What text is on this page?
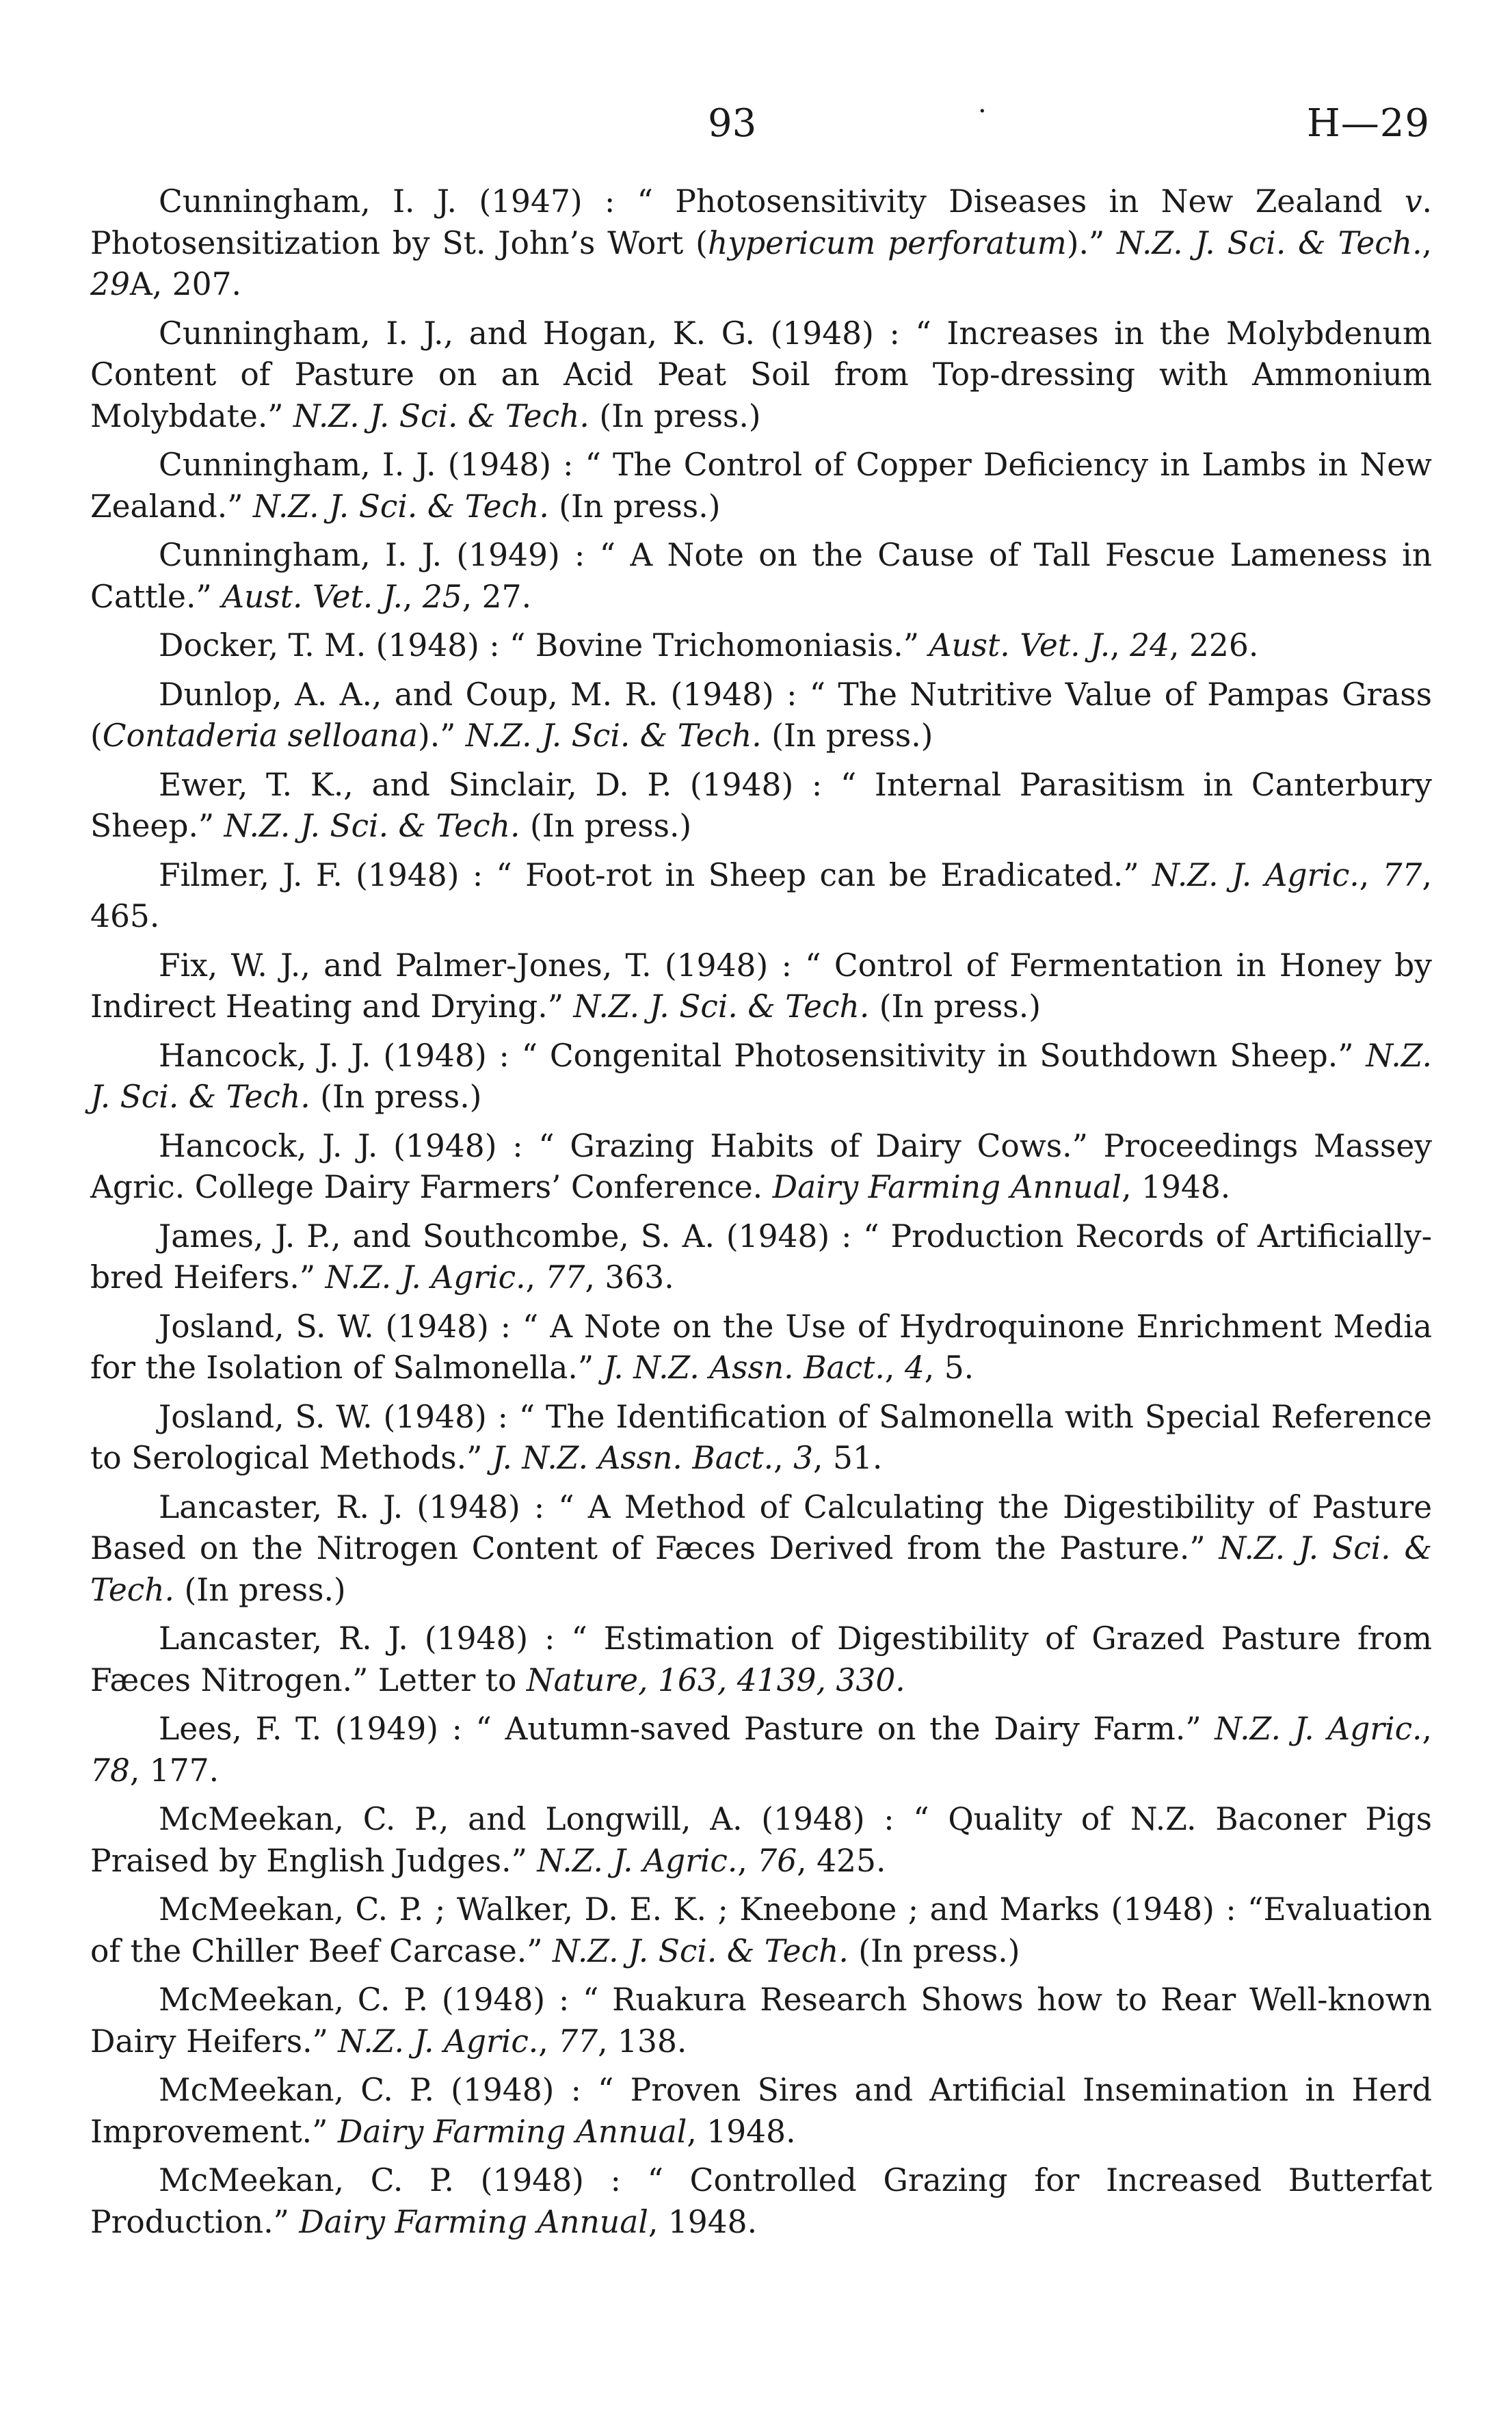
93	·	H—29

Cunningham, I. J. (1947) : “ Photosensitivity Diseases in New Zealand v. Photosensitization by St. John’s Wort (hypericum perforatum).” N.Z. J. Sci. & Tech., 29A, 207.

Cunningham, I. J., and Hogan, K. G. (1948) : “ Increases in the Molybdenum Content of Pasture on an Acid Peat Soil from Top-dressing with Ammonium Molybdate.” N.Z. J. Sci. & Tech. (In press.)

Cunningham, I. J. (1948) : “ The Control of Copper Deficiency in Lambs in New Zealand.” N.Z. J. Sci. & Tech. (In press.)

Cunningham, I. J. (1949) : “ A Note on the Cause of Tall Fescue Lameness in Cattle.” Aust. Vet. J., 25, 27.

Docker, T. M. (1948) : “ Bovine Trichomoniasis.” Aust. Vet. J., 24, 226.

Dunlop, A. A., and Coup, M. R. (1948) : “ The Nutritive Value of Pampas Grass (Contaderia selloana).” N.Z. J. Sci. & Tech. (In press.)

Ewer, T. K., and Sinclair, D. P. (1948) : “ Internal Parasitism in Canterbury Sheep.” N.Z. J. Sci. & Tech. (In press.)

Filmer, J. F. (1948) : “ Foot-rot in Sheep can be Eradicated.” N.Z. J. Agric., 77, 465.

Fix, W. J., and Palmer-Jones, T. (1948) : “ Control of Fermentation in Honey by Indirect Heating and Drying.” N.Z. J. Sci. & Tech. (In press.)

Hancock, J. J. (1948) : “ Congenital Photosensitivity in Southdown Sheep.” N.Z. J. Sci. & Tech. (In press.)

Hancock, J. J. (1948) : “ Grazing Habits of Dairy Cows.” Proceedings Massey Agric. College Dairy Farmers’ Conference. Dairy Farming Annual, 1948.

James, J. P., and Southcombe, S. A. (1948) : “ Production Records of Artificially-bred Heifers.” N.Z. J. Agric., 77, 363.

Josland, S. W. (1948) : “ A Note on the Use of Hydroquinone Enrichment Media for the Isolation of Salmonella.” J. N.Z. Assn. Bact., 4, 5.

Josland, S. W. (1948) : “ The Identification of Salmonella with Special Reference to Serological Methods.” J. N.Z. Assn. Bact., 3, 51.

Lancaster, R. J. (1948) : “ A Method of Calculating the Digestibility of Pasture Based on the Nitrogen Content of Fæces Derived from the Pasture.” N.Z. J. Sci. & Tech. (In press.)

Lancaster, R. J. (1948) : “ Estimation of Digestibility of Grazed Pasture from Fæces Nitrogen.” Letter to Nature, 163, 4139, 330.

Lees, F. T. (1949) : “ Autumn-saved Pasture on the Dairy Farm.” N.Z. J. Agric., 78, 177.

McMeekan, C. P., and Longwill, A. (1948) : “ Quality of N.Z. Baconer Pigs Praised by English Judges.” N.Z. J. Agric., 76, 425.

McMeekan, C. P. ; Walker, D. E. K. ; Kneebone ; and Marks (1948) : “Evaluation of the Chiller Beef Carcase.” N.Z. J. Sci. & Tech. (In press.)

McMeekan, C. P. (1948) : “ Ruakura Research Shows how to Rear Well-known Dairy Heifers.” N.Z. J. Agric., 77, 138.

McMeekan, C. P. (1948) : “ Proven Sires and Artificial Insemination in Herd Improvement.” Dairy Farming Annual, 1948.

McMeekan, C. P. (1948) : “ Controlled Grazing for Increased Butterfat Production.” Dairy Farming Annual, 1948.
